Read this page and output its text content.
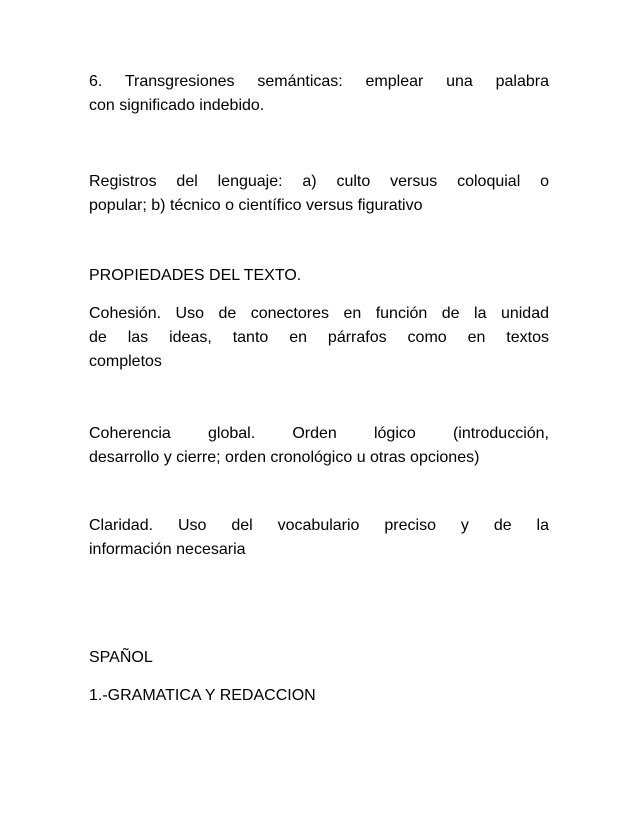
6. Transgresiones semánticas: emplear una palabra
con significado indebido.
Registros del lenguaje: a) culto versus coloquial o
popular; b) técnico o científico versus figurativo
PROPIEDADES DEL TEXTO.
Cohesión. Uso de conectores en función de la unidad
de las ideas, tanto en párrafos como en textos
completos
Coherencia global. Orden lógico (introducción,
desarrollo y cierre; orden cronológico u otras opciones)
Claridad. Uso del vocabulario preciso y de la
información necesaria
SPAÑOL
1.-GRAMATICA Y REDACCION
